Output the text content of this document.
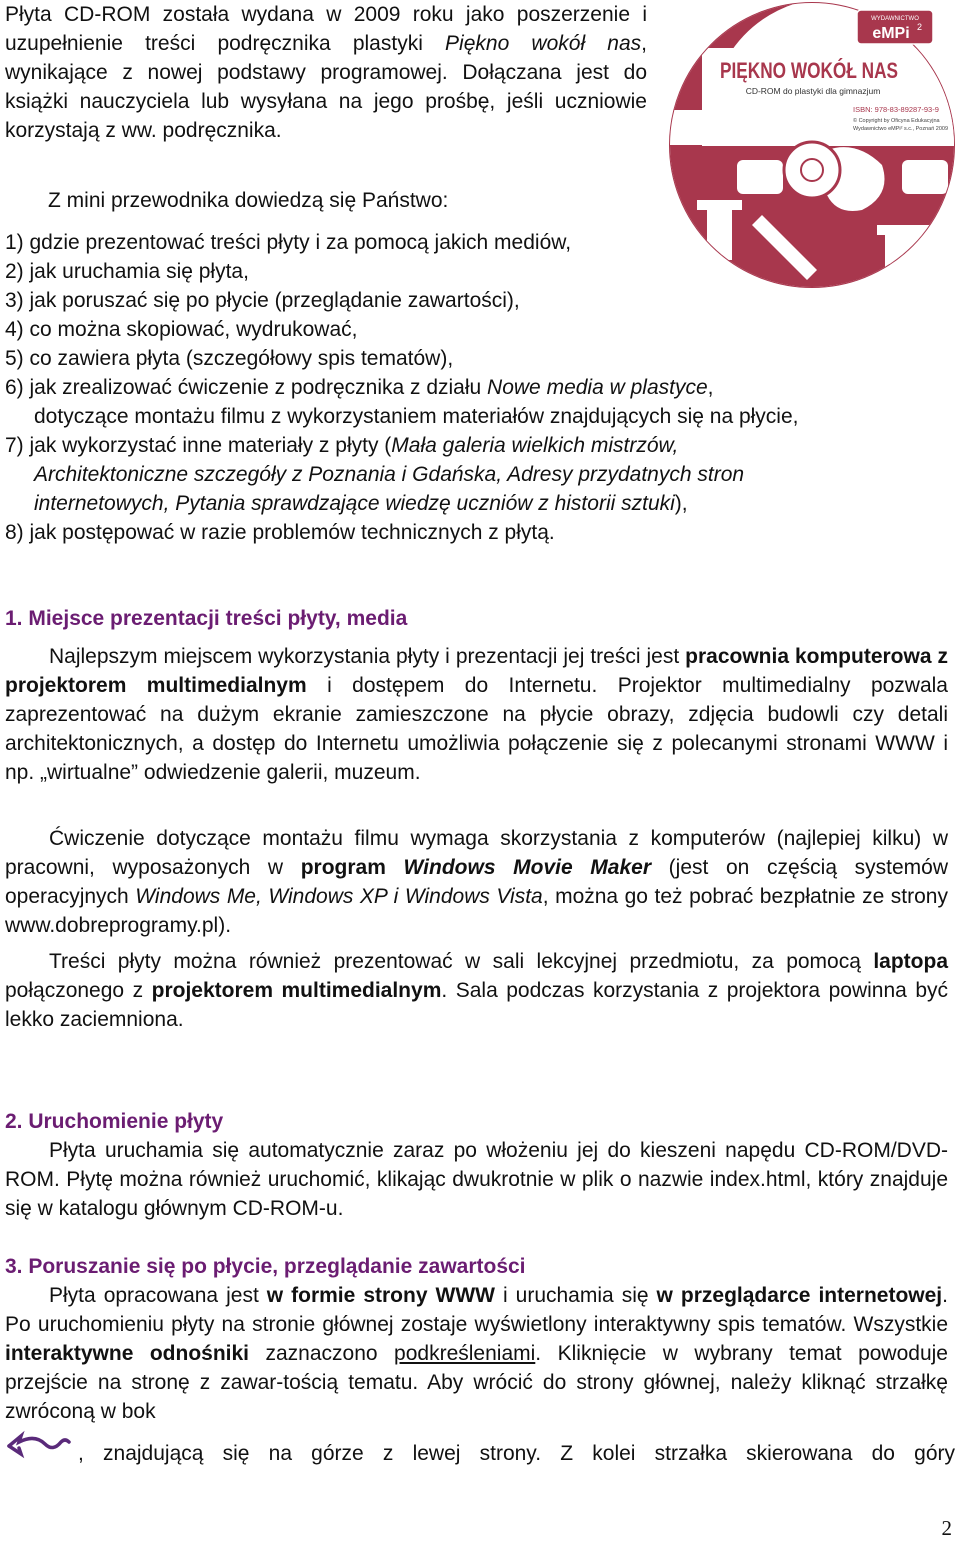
WYDAWNICTWO
eMPi 2
PIĘKNO WOKÓŁ NAS
CD-ROM do plastyki dla gimnazjum
ISBN: 978-83-89287-93-9
© Copyright by Oficyna Edukacyjna
Wydawnictwo eMPi² s.c., Poznań 2009

Płyta CD-ROM została wydana w 2009 roku jako poszerzenie i uzupełnienie treści podręcznika plastyki Piękno wokół nas, wynikające z nowej podstawy programowej. Dołączana jest do książki nauczyciela lub wysyłana na jego prośbę, jeśli uczniowie korzystają z ww. podręcznika.

Z mini przewodnika dowiedzą się Państwo:
1) gdzie prezentować treści płyty i za pomocą jakich mediów,
2) jak uruchamia się płyta,
3) jak poruszać się po płycie (przeglądanie zawartości),
4) co można skopiować, wydrukować,
5) co zawiera płyta (szczegółowy spis tematów),
6) jak zrealizować ćwiczenie z podręcznika z działu Nowe media w plastyce,
dotyczące montażu filmu z wykorzystaniem materiałów znajdujących się na płycie,
7) jak wykorzystać inne materiały z płyty (Mała galeria wielkich mistrzów,
Architektoniczne szczegóły z Poznania i Gdańska, Adresy przydatnych stron
internetowych, Pytania sprawdzające wiedzę uczniów z historii sztuki),
8) jak postępować w razie problemów technicznych z płytą.
1. Miejsce prezentacji treści płyty, media
Najlepszym miejscem wykorzystania płyty i prezentacji jej treści jest pracownia komputerowa z projektorem multimedialnym i dostępem do Internetu. Projektor multimedialny pozwala zaprezentować na dużym ekranie zamieszczone na płycie obrazy, zdjęcia budowli czy detali architektonicznych, a dostęp do Internetu umożliwia połączenie się z polecanymi stronami WWW i np. „wirtualne” odwiedzenie galerii, muzeum.
Ćwiczenie dotyczące montażu filmu wymaga skorzystania z komputerów (najlepiej kilku) w pracowni, wyposażonych w program Windows Movie Maker (jest on częścią systemów operacyjnych Windows Me, Windows XP i Windows Vista, można go też pobrać bezpłatnie ze strony www.dobreprogramy.pl).
Treści płyty można również prezentować w sali lekcyjnej przedmiotu, za pomocą laptopa połączonego z projektorem multimedialnym. Sala podczas korzystania z projektora powinna być lekko zaciemniona.
2. Uruchomienie płyty
Płyta uruchamia się automatycznie zaraz po włożeniu jej do kieszeni napędu CD-ROM/DVD-ROM. Płytę można również uruchomić, klikając dwukrotnie w plik o nazwie index.html, który znajduje się w katalogu głównym CD-ROM-u.
3. Poruszanie się po płycie, przeglądanie zawartości
Płyta opracowana jest w formie strony WWW i uruchamia się w przeglądarce internetowej. Po uruchomieniu płyty na stronie głównej zostaje wyświetlony interaktywny spis tematów. Wszystkie interaktywne odnośniki zaznaczono podkreśleniami. Kliknięcie w wybrany temat powoduje przejście na stronę z zawar-tością tematu. Aby wrócić do strony głównej, należy kliknąć strzałkę zwróconą w bok
, znajdującą się na górze z lewej strony. Z kolei strzałka skierowana do góry
2
